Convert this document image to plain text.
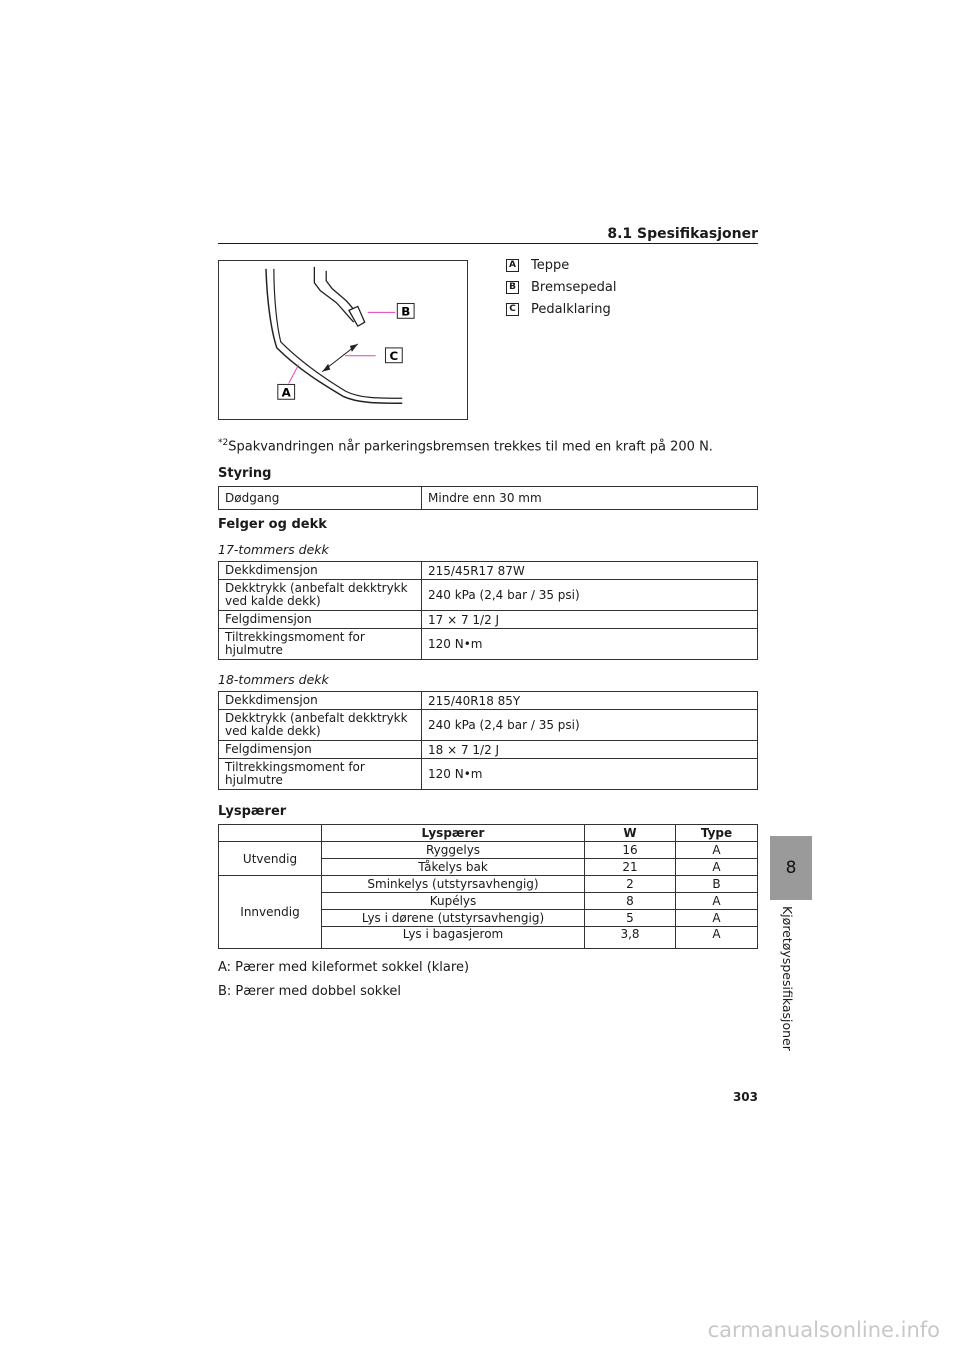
8.1 Spesifikasjoner
B
C
A
A Teppe
B Bremsepedal
C Pedalklaring
$^{*2}$Spakvandringen når parkeringsbremsen trekkes til med en kraft på 200 N.
Styring
Dødgang	Mindre enn 30 mm
Felger og dekk
17-tommers dekk
Dekkdimensjon	215/45R17 87W
Dekktrykk (anbefalt dekktrykk ved kalde dekk)	240 kPa (2,4 bar / 35 psi)
Felgdimensjon	17 × 7 1/2 J
Tiltrekkingsmoment for hjulmutre	120 N•m
18-tommers dekk
Dekkdimensjon	215/40R18 85Y
Dekktrykk (anbefalt dekktrykk ved kalde dekk)	240 kPa (2,4 bar / 35 psi)
Felgdimensjon	18 × 7 1/2 J
Tiltrekkingsmoment for hjulmutre	120 N•m
Lyspærer
	Lyspærer	W	Type
Utvendig	Ryggelys	16	A
	Tåkelys bak	21	A
Innvendig	Sminkelys (utstyrsavhengig)	2	B
	Kupélys	8	A
	Lys i dørene (utstyrsavhengig)	5	A
	Lys i bagasjerom	3,8	A
A: Pærer med kileformet sokkel (klare)
B: Pærer med dobbel sokkel
8
Kjøretøyspesifikasjoner
303
carmanualsonline.info
